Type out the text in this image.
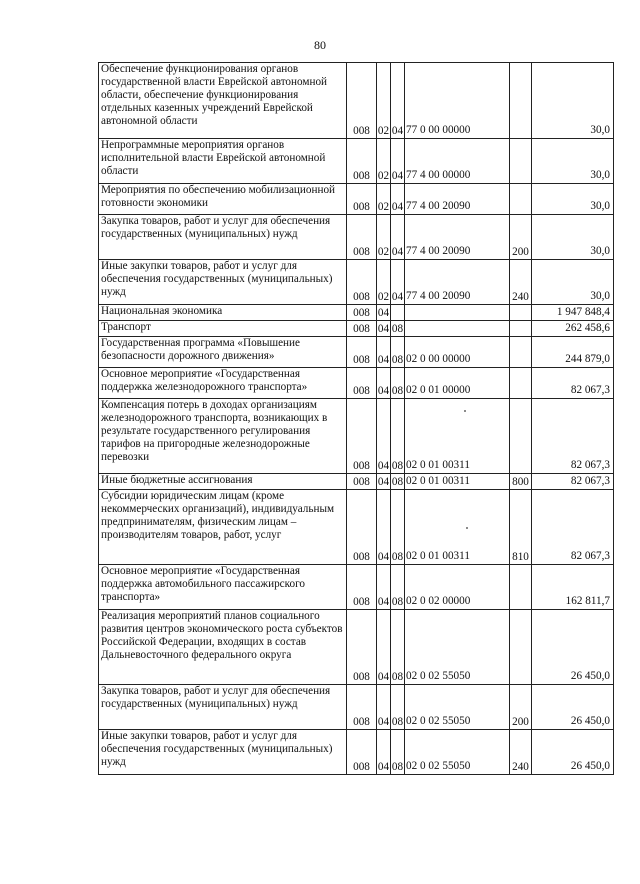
80
Обеспечение функционирования органов государственной власти Еврейской автономной области, обеспечение функционирования отдельных казенных учреждений Еврейской автономной области	008	02	04	77 0 00 00000		30,0
Непрограммные мероприятия органов исполнительной власти Еврейской автономной области	008	02	04	77 4 00 00000		30,0
Мероприятия по обеспечению мобилизационной готовности экономики	008	02	04	77 4 00 20090		30,0
Закупка товаров, работ и услуг для обеспечения государственных (муниципальных) нужд	008	02	04	77 4 00 20090	200	30,0
Иные закупки товаров, работ и услуг для обеспечения государственных (муниципальных) нужд	008	02	04	77 4 00 20090	240	30,0
Национальная экономика	008	04				1 947 848,4
Транспорт	008	04	08			262 458,6
Государственная программа «Повышение безопасности дорожного движения»	008	04	08	02 0 00 00000		244 879,0
Основное мероприятие «Государственная поддержка железнодорожного транспорта»	008	04	08	02 0 01 00000		82 067,3
Компенсация потерь в доходах организациям железнодорожного транспорта, возникающих в результате государственного регулирования тарифов на пригородные железнодорожные перевозки	008	04	08	02 0 01 00311		82 067,3
Иные бюджетные ассигнования	008	04	08	02 0 01 00311	800	82 067,3
Субсидии юридическим лицам (кроме некоммерческих организаций), индивидуальным предпринимателям, физическим лицам – производителям товаров, работ, услуг	008	04	08	02 0 01 00311	810	82 067,3
Основное мероприятие «Государственная поддержка автомобильного пассажирского транспорта»	008	04	08	02 0 02 00000		162 811,7
Реализация мероприятий планов социального развития центров экономического роста субъектов Российской Федерации, входящих в состав Дальневосточного федерального округа	008	04	08	02 0 02 55050		26 450,0
Закупка товаров, работ и услуг для обеспечения государственных (муниципальных) нужд	008	04	08	02 0 02 55050	200	26 450,0
Иные закупки товаров, работ и услуг для обеспечения государственных (муниципальных) нужд	008	04	08	02 0 02 55050	240	26 450,0
